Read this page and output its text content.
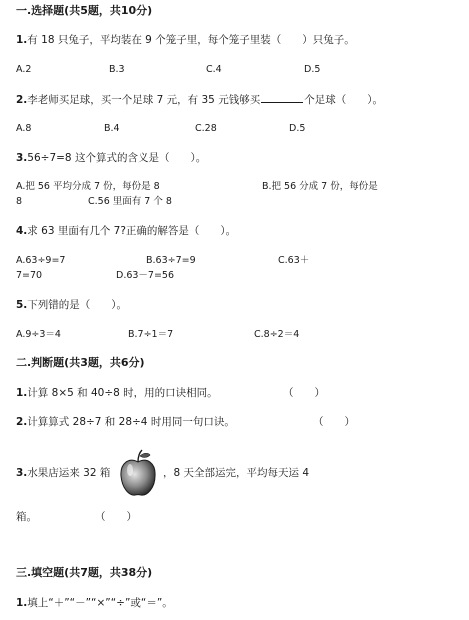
一.选择题(共5题，共10分)
1.有 18 只兔子，平均装在 9 个笼子里，每个笼子里装（　　）只兔子。
A.2	B.3	C.4	D.5
2.李老师买足球，买一个足球 7 元，有 35 元钱够买	个足球（　　）。
A.8	B.4	C.28	D.5
3.56÷7=8 这个算式的含义是（　　）。
A.把 56 平均分成 7 份，每份是 8	B.把 56 分成 7 份，每份是
8	C.56 里面有 7 个 8
4.求 63 里面有几个 7?正确的解答是（　　）。
A.63÷9=7	B.63÷7=9	C.63＋
7=70	D.63－7=56
5.下列错的是（　　）。
A.9÷3＝4	B.7÷1＝7	C.8÷2＝4
二.判断题(共3题，共6分)
1.计算 8×5 和 40÷8 时，用的口诀相同。	（　　）
2.计算算式 28÷7 和 28÷4 时用同一句口诀。	（　　）
3.水果店运来 32 箱	，8 天全部运完，平均每天运 4
箱。	（　　）
三.填空题(共7题，共38分)
1.填上“＋”“－”“×”“÷”或“＝”。
